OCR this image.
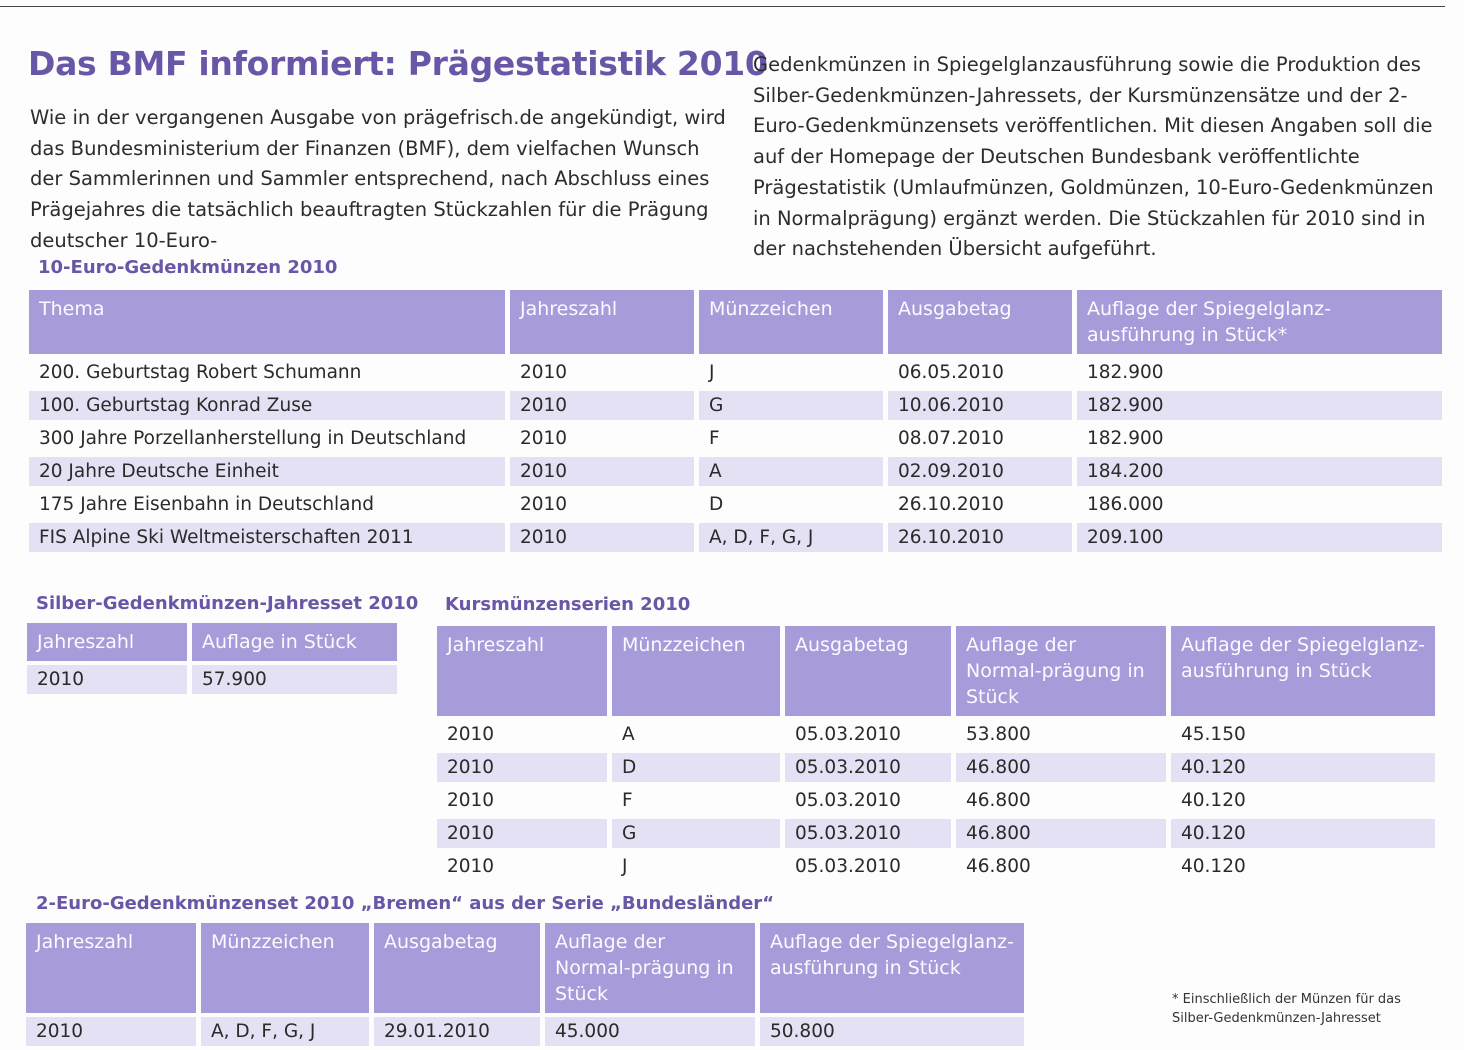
Das BMF informiert: Prägestatistik 2010

Wie in der vergangenen Ausgabe von prägefrisch.de angekündigt, wird das Bundesministerium der Finanzen (BMF), dem vielfachen Wunsch der Sammlerinnen und Sammler entsprechend, nach Abschluss eines Prägejahres die tatsächlich beauftragten Stückzahlen für die Prägung deutscher 10-Euro-

Gedenkmünzen in Spiegelglanzausführung sowie die Produktion des Silber-Gedenkmünzen-Jahressets, der Kursmünzensätze und der 2-Euro-Gedenkmünzensets veröffentlichen. Mit diesen Angaben soll die auf der Homepage der Deutschen Bundesbank veröffentlichte Prägestatistik (Umlaufmünzen, Goldmünzen, 10-Euro-Gedenkmünzen in Normalprägung) ergänzt werden. Die Stückzahlen für 2010 sind in der nachstehenden Übersicht aufgeführt.

10-Euro-Gedenkmünzen 2010
Thema	Jahreszahl	Münzzeichen	Ausgabetag	Auflage der Spiegelglanz-ausführung in Stück*
200. Geburtstag Robert Schumann	2010	J	06.05.2010	182.900
100. Geburtstag Konrad Zuse	2010	G	10.06.2010	182.900
300 Jahre Porzellanherstellung in Deutschland	2010	F	08.07.2010	182.900
20 Jahre Deutsche Einheit	2010	A	02.09.2010	184.200
175 Jahre Eisenbahn in Deutschland	2010	D	26.10.2010	186.000
FIS Alpine Ski Weltmeisterschaften 2011	2010	A, D, F, G, J	26.10.2010	209.100
Silber-Gedenkmünzen-Jahresset 2010
Jahreszahl	Auflage in Stück
2010	57.900
Kursmünzenserien 2010
Jahreszahl	Münzzeichen	Ausgabetag	Auflage der Normal-prägung in Stück	Auflage der Spiegelglanz-ausführung in Stück
2010	A	05.03.2010	53.800	45.150
2010	D	05.03.2010	46.800	40.120
2010	F	05.03.2010	46.800	40.120
2010	G	05.03.2010	46.800	40.120
2010	J	05.03.2010	46.800	40.120
2-Euro-Gedenkmünzenset 2010 „Bremen“ aus der Serie „Bundesländer“
Jahreszahl	Münzzeichen	Ausgabetag	Auflage der Normal-prägung in Stück	Auflage der Spiegelglanz-ausführung in Stück
2010	A, D, F, G, J	29.01.2010	45.000	50.800

* Einschließlich der Münzen für das Silber-Gedenkmünzen-Jahresset
